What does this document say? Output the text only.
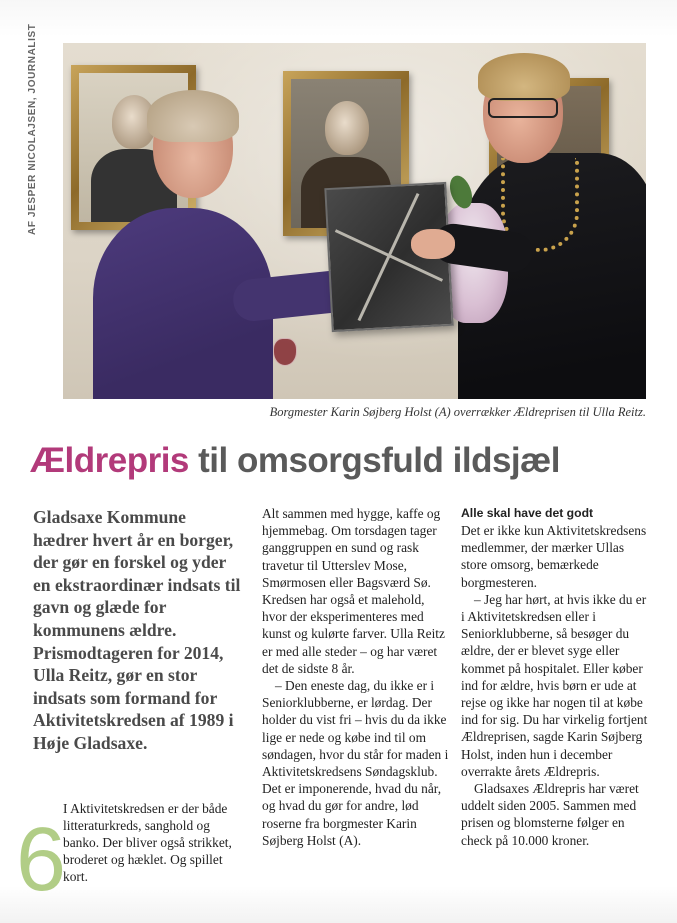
AF JESPER NICOLAJSEN, JOURNALIST
Borgmester Karin Søjberg Holst (A) overrækker Ældreprisen til Ulla Reitz.
Ældrepris til omsorgsfuld ildsjæl

Gladsaxe Kommune hædrer hvert år en borger, der gør en forskel og yder en ekstraordinær indsats til gavn og glæde for kommunens ældre. Prismodtageren for 2014, Ulla Reitz, gør en stor indsats som formand for Aktivitetskredsen af 1989 i Høje Gladsaxe.

I Aktivitetskredsen er der både litteraturkreds, sanghold og banko. Der bliver også strikket, broderet og hæklet. Og spillet kort.

Alt sammen med hygge, kaffe og hjemmebag. Om torsdagen tager ganggruppen en sund og rask travetur til Utterslev Mose, Smørmosen eller Bagsværd Sø. Kredsen har også et malehold, hvor der eksperimenteres med kunst og kulørte farver. Ulla Reitz er med alle steder – og har været det de sidste 8 år.

– Den eneste dag, du ikke er i Seniorklubberne, er lørdag. Der holder du vist fri – hvis du da ikke lige er nede og købe ind til om søndagen, hvor du står for maden i Aktivitetskredsens Søndagsklub. Det er imponerende, hvad du når, og hvad du gør for andre, lød roserne fra borgmester Karin Søjberg Holst (A).

Alle skal have det godt

Det er ikke kun Aktivitetskredsens medlemmer, der mærker Ullas store omsorg, bemærkede borgmesteren.

– Jeg har hørt, at hvis ikke du er i Aktivitetskredsen eller i Seniorklubberne, så besøger du ældre, der er blevet syge eller kommet på hospitalet. Eller køber ind for ældre, hvis børn er ude at rejse og ikke har nogen til at købe ind for sig. Du har virkelig fortjent Ældreprisen, sagde Karin Søjberg Holst, inden hun i december overrakte årets Ældrepris.

Gladsaxes Ældrepris har været uddelt siden 2005. Sammen med prisen og blomsterne følger en check på 10.000 kroner.

6
